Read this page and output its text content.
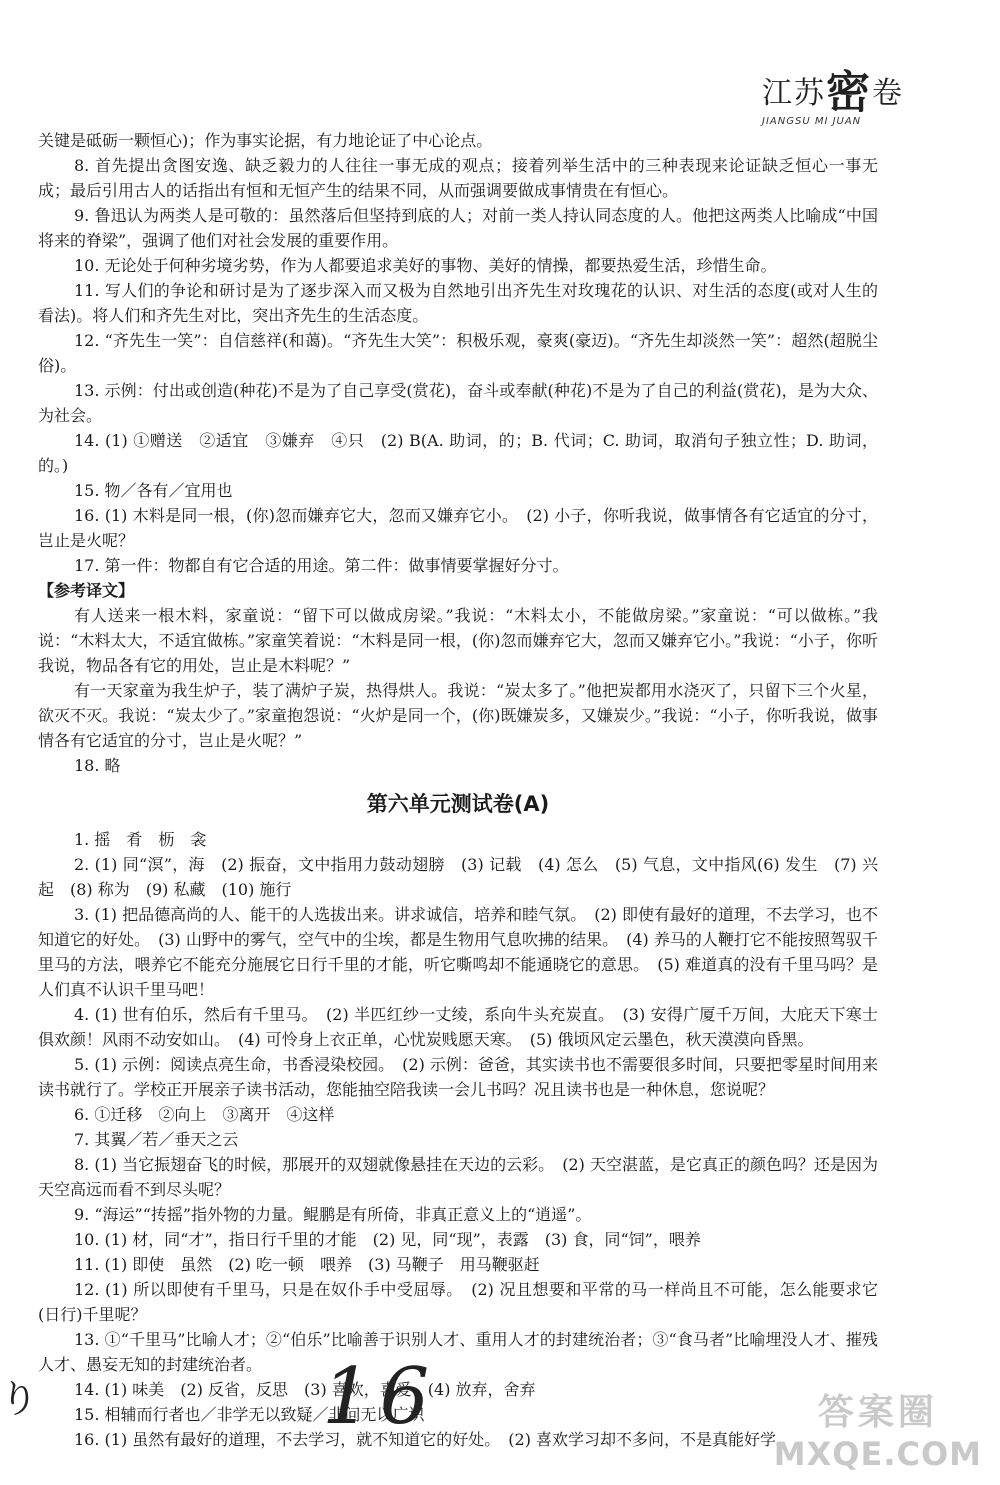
江苏密卷
JIANGSU MI JUAN

关键是砥砺一颗恒心)；作为事实论据，有力地论证了中心论点。

8. 首先提出贪图安逸、缺乏毅力的人往往一事无成的观点；接着列举生活中的三种表现来论证缺乏恒心一事无成；最后引用古人的话指出有恒和无恒产生的结果不同，从而强调要做成事情贵在有恒心。

9. 鲁迅认为两类人是可敬的：虽然落后但坚持到底的人；对前一类人持认同态度的人。他把这两类人比喻成“中国将来的脊梁”，强调了他们对社会发展的重要作用。

10. 无论处于何种劣境劣势，作为人都要追求美好的事物、美好的情操，都要热爱生活，珍惜生命。

11. 写人们的争论和研讨是为了逐步深入而又极为自然地引出齐先生对玫瑰花的认识、对生活的态度(或对人生的看法)。将人们和齐先生对比，突出齐先生的生活态度。

12. “齐先生一笑”：自信慈祥(和蔼)。“齐先生大笑”：积极乐观，豪爽(豪迈)。“齐先生却淡然一笑”：超然(超脱尘俗)。

13. 示例：付出或创造(种花)不是为了自己享受(赏花)，奋斗或奉献(种花)不是为了自己的利益(赏花)，是为大众、为社会。

14. (1) ①赠送　②适宜　③嫌弃　④只　(2) B(A. 助词，的；B. 代词；C. 助词，取消句子独立性；D. 助词，的。)

15. 物／各有／宜用也

16. (1) 木料是同一根，(你)忽而嫌弃它大，忽而又嫌弃它小。　(2) 小子，你听我说，做事情各有它适宜的分寸，岂止是火呢？

17. 第一件：物都自有它合适的用途。第二件：做事情要掌握好分寸。

【参考译文】

有人送来一根木料，家童说：“留下可以做成房梁。”我说：“木料太小，不能做房梁。”家童说：“可以做栋。”我说：“木料太大，不适宜做栋。”家童笑着说：“木料是同一根，(你)忽而嫌弃它大，忽而又嫌弃它小。”我说：“小子，你听我说，物品各有它的用处，岂止是木料呢？”

有一天家童为我生炉子，装了满炉子炭，热得烘人。我说：“炭太多了。”他把炭都用水浇灭了，只留下三个火星，欲灭不灭。我说：“炭太少了。”家童抱怨说：“火炉是同一个，(你)既嫌炭多，又嫌炭少。”我说：“小子，你听我说，做事情各有它适宜的分寸，岂止是火呢？”

18. 略

第六单元测试卷(A)

1. 摇　肴　枥　衾

2. (1) 同“溟”，海　(2) 振奋，文中指用力鼓动翅膀　(3) 记载　(4) 怎么　(5) 气息，文中指风(6) 发生　(7) 兴起　(8) 称为　(9) 私藏　(10) 施行

3. (1) 把品德高尚的人、能干的人选拔出来。讲求诚信，培养和睦气氛。　(2) 即使有最好的道理，不去学习，也不知道它的好处。　(3) 山野中的雾气，空气中的尘埃，都是生物用气息吹拂的结果。　(4) 养马的人鞭打它不能按照驾驭千里马的方法，喂养它不能充分施展它日行千里的才能，听它嘶鸣却不能通晓它的意思。　(5) 难道真的没有千里马吗？是人们真不认识千里马吧！

4. (1) 世有伯乐，然后有千里马。　(2) 半匹红纱一丈绫，系向牛头充炭直。　(3) 安得广厦千万间，大庇天下寒士俱欢颜！风雨不动安如山。　(4) 可怜身上衣正单，心忧炭贱愿天寒。　(5) 俄顷风定云墨色，秋天漠漠向昏黑。

5. (1) 示例：阅读点亮生命，书香浸染校园。　(2) 示例：爸爸，其实读书也不需要很多时间，只要把零星时间用来读书就行了。学校正开展亲子读书活动，您能抽空陪我读一会儿书吗？况且读书也是一种休息，您说呢？

6. ①迁移　②向上　③离开　④这样

7. 其翼／若／垂天之云

8. (1) 当它振翅奋飞的时候，那展开的双翅就像悬挂在天边的云彩。　(2) 天空湛蓝，是它真正的颜色吗？还是因为天空高远而看不到尽头呢？

9. “海运”“抟摇”指外物的力量。鲲鹏是有所倚，非真正意义上的“逍遥”。

10. (1) 材，同“才”，指日行千里的才能　(2) 见，同“现”，表露　(3) 食，同“饲”，喂养

11. (1) 即使　虽然　(2) 吃一顿　喂养　(3) 马鞭子　用马鞭驱赶

12. (1) 所以即使有千里马，只是在奴仆手中受屈辱。　(2) 况且想要和平常的马一样尚且不可能，怎么能要求它(日行)千里呢？

13. ①“千里马”比喻人才；②“伯乐”比喻善于识别人才、重用人才的封建统治者；③“食马者”比喻埋没人才、摧残人才、愚妄无知的封建统治者。

14. (1) 味美　(2) 反省，反思　(3) 喜欢，喜爱　(4) 放弃，舍弃

15. 相辅而行者也／非学无以致疑／非问无以广识

16. (1) 虽然有最好的道理，不去学习，就不知道它的好处。　(2) 喜欢学习却不多问，不是真能好学。

り	16	答案圈
MXQE.COM
